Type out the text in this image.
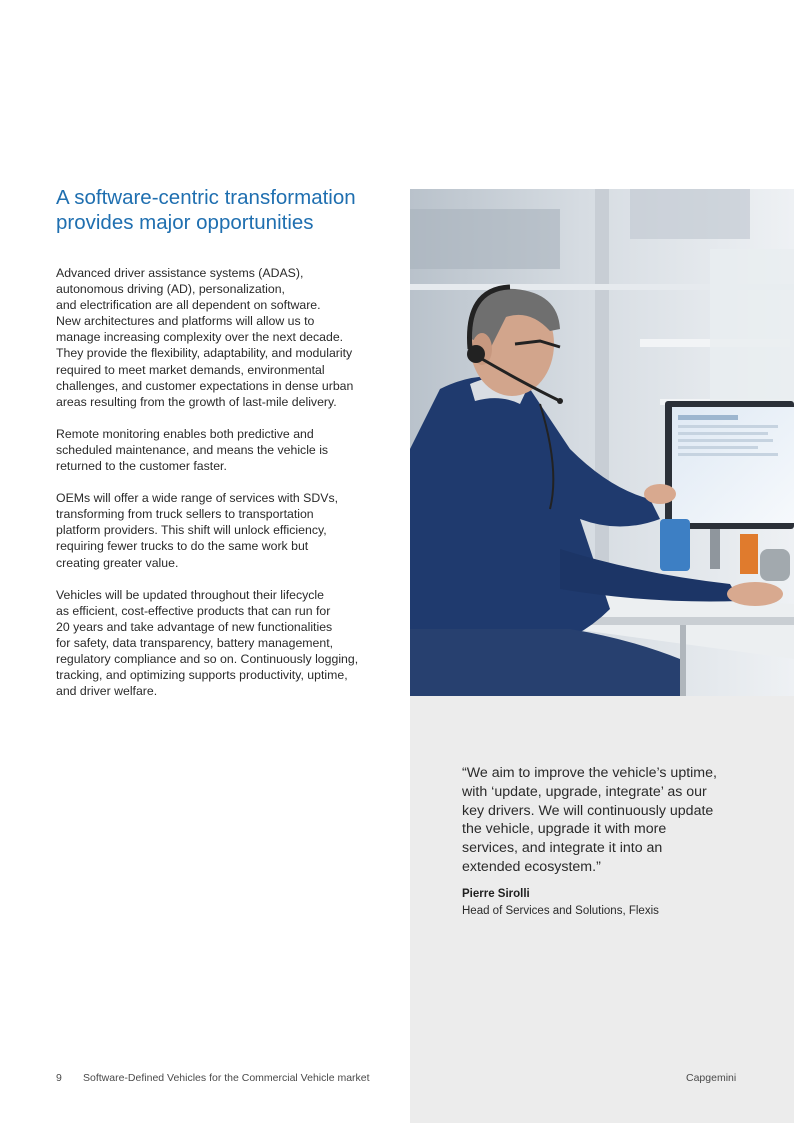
A software-centric transformation
provides major opportunities

Advanced driver assistance systems (ADAS),
autonomous driving (AD), personalization,
and electrification are all dependent on software.
New architectures and platforms will allow us to
manage increasing complexity over the next decade.
They provide the flexibility, adaptability, and modularity
required to meet market demands, environmental
challenges, and customer expectations in dense urban
areas resulting from the growth of last-mile delivery.

Remote monitoring enables both predictive and
scheduled maintenance, and means the vehicle is
returned to the customer faster.

OEMs will offer a wide range of services with SDVs,
transforming from truck sellers to transportation
platform providers. This shift will unlock efficiency,
requiring fewer trucks to do the same work but
creating greater value.

Vehicles will be updated throughout their lifecycle
as efficient, cost-effective products that can run for
20 years and take advantage of new functionalities
for safety, data transparency, battery management,
regulatory compliance and so on. Continuously logging,
tracking, and optimizing supports productivity, uptime,
and driver welfare.

“We aim to improve the vehicle’s uptime,
with ‘update, upgrade, integrate’ as our
key drivers. We will continuously update
the vehicle, upgrade it with more
services, and integrate it into an
extended ecosystem.”

Pierre Sirolli
Head of Services and Solutions, Flexis
9 Software-Defined Vehicles for the Commercial Vehicle market	Capgemini
